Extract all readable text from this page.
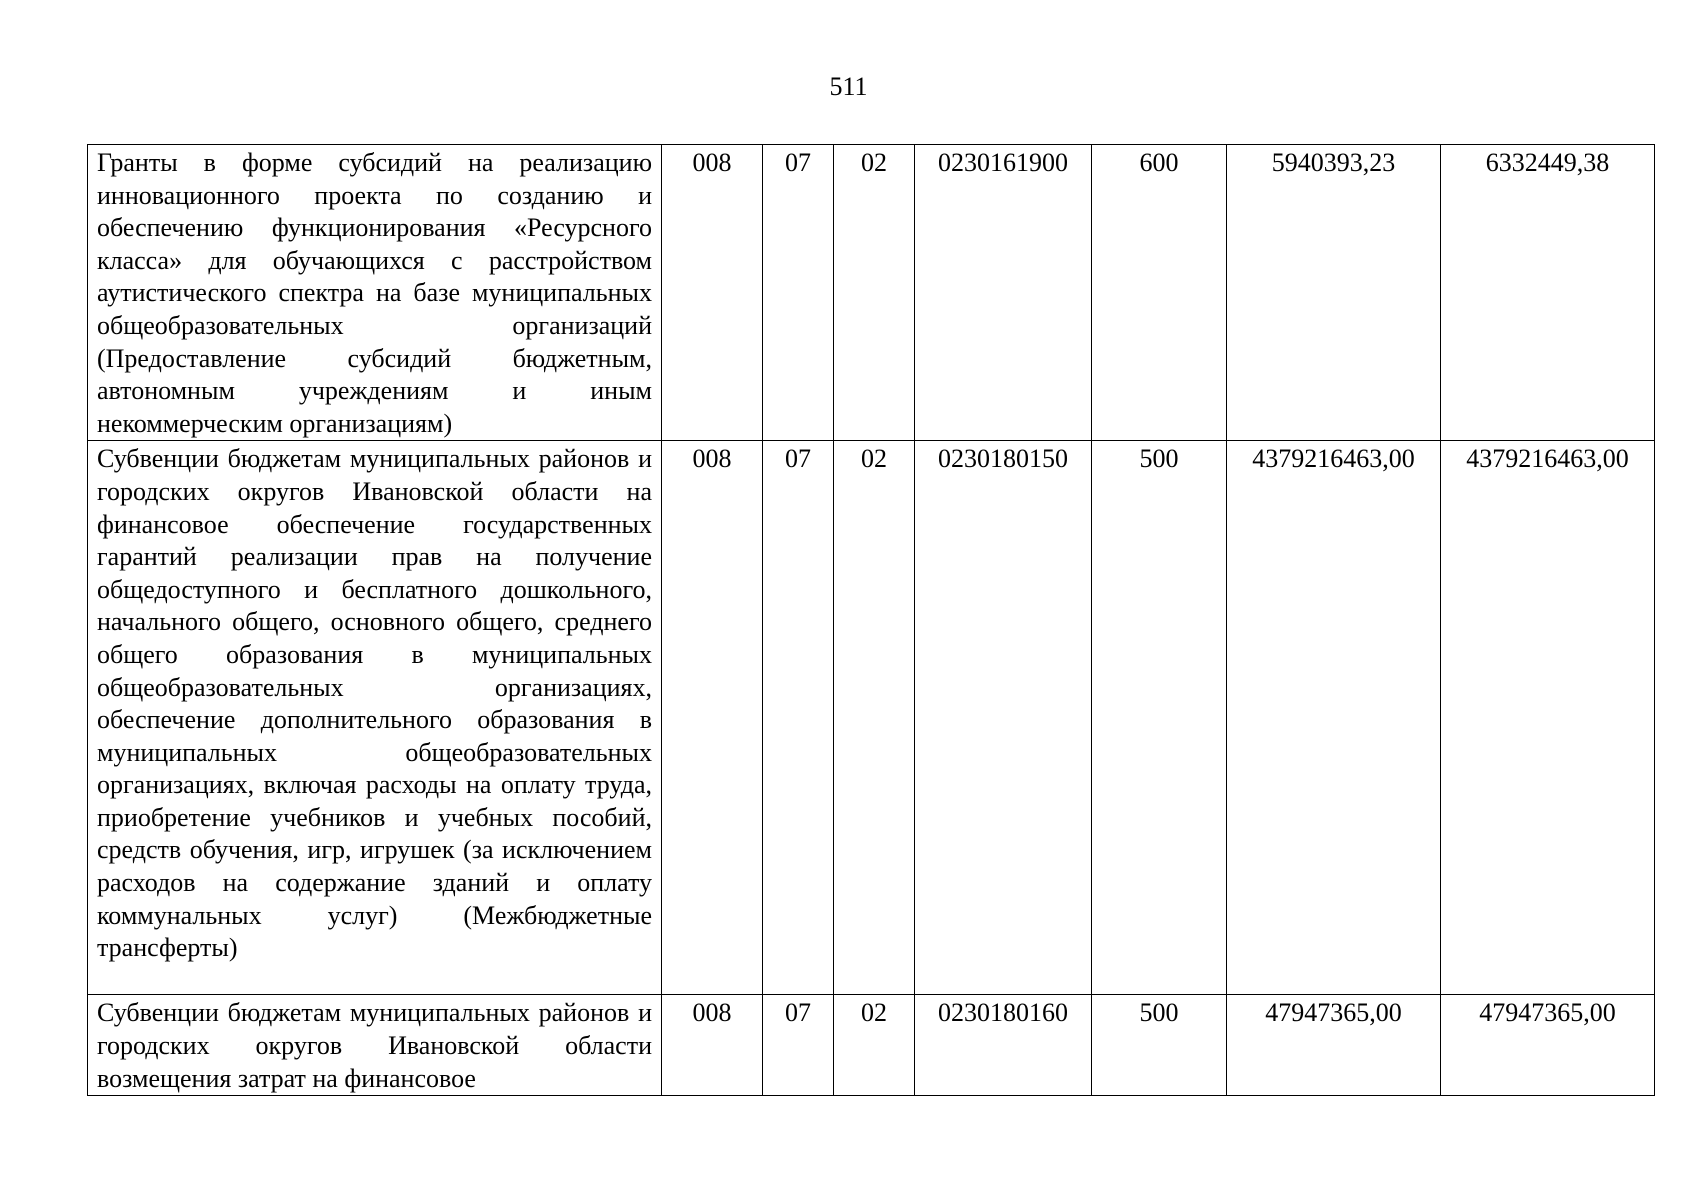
511
Гранты в форме субсидий на реализацию инновационного проекта по созданию и обеспечению функционирования «Ресурсного класса» для обучающихся с расстройством аутистического спектра на базе муниципальных общеобразовательных организаций (Предоставление субсидий бюджетным, автономным учреждениям и иным некоммерческим организациям)	008	07	02	0230161900	600	5940393,23	6332449,38
Субвенции бюджетам муниципальных районов и городских округов Ивановской области на финансовое обеспечение государственных гарантий реализации прав на получение общедоступного и бесплатного дошкольного, начального общего, основного общего, среднего общего образования в муниципальных общеобразовательных организациях, обеспечение дополнительного образования в муниципальных общеобразовательных организациях, включая расходы на оплату труда, приобретение учебников и учебных пособий, средств обучения, игр, игрушек (за исключением расходов на содержание зданий и оплату коммунальных услуг) (Межбюджетные трансферты)	008	07	02	0230180150	500	4379216463,00	4379216463,00
Субвенции бюджетам муниципальных районов и городских округов Ивановской области возмещения затрат на финансовое	008	07	02	0230180160	500	47947365,00	47947365,00
